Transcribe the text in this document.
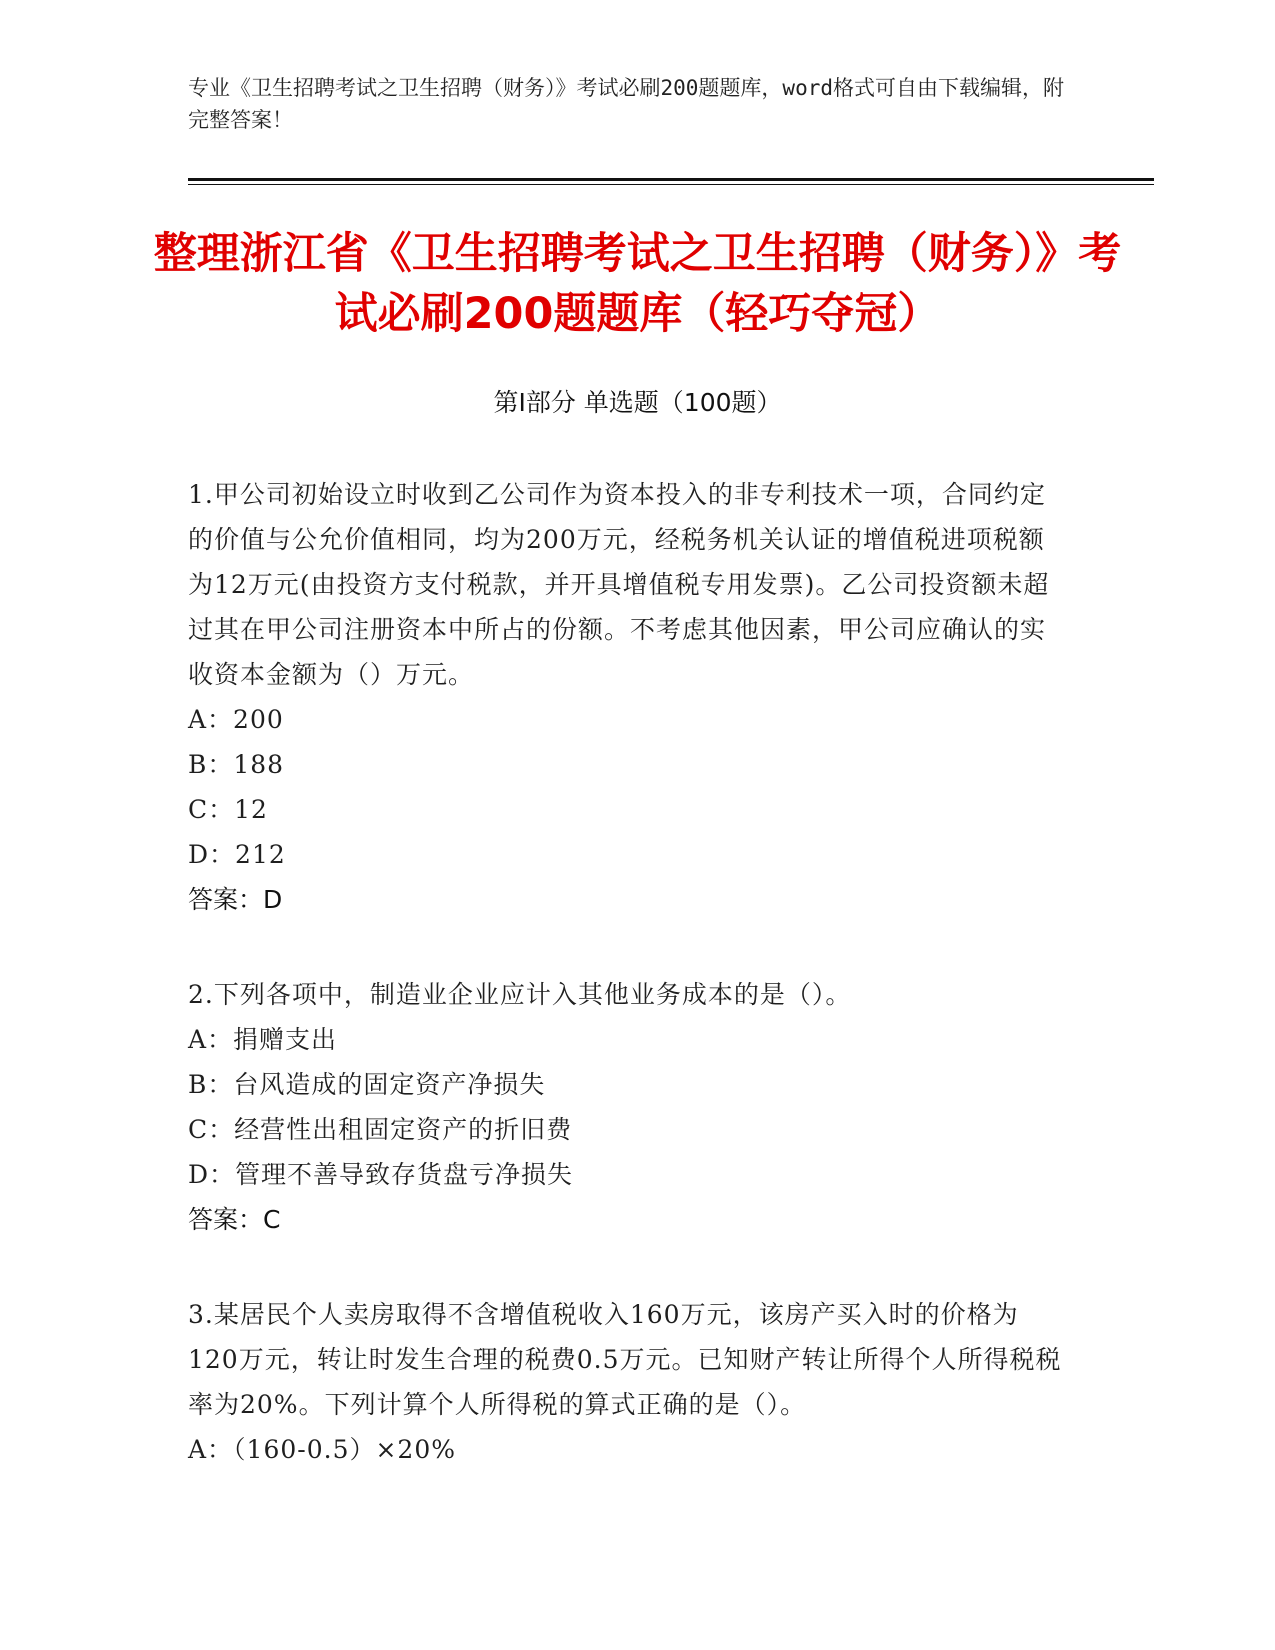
专业《卫生招聘考试之卫生招聘（财务）》考试必刷200题题库，word格式可自由下载编辑，附完整答案！
整理浙江省《卫生招聘考试之卫生招聘（财务）》考试必刷200题题库（轻巧夺冠）
第Ⅰ部分 单选题（100题）
1.甲公司初始设立时收到乙公司作为资本投入的非专利技术一项，合同约定的价值与公允价值相同，均为200万元，经税务机关认证的增值税进项税额为12万元(由投资方支付税款，并开具增值税专用发票)。乙公司投资额未超过其在甲公司注册资本中所占的份额。不考虑其他因素，甲公司应确认的实收资本金额为（）万元。
A：200
B：188
C：12
D：212
答案：D
2.下列各项中，制造业企业应计入其他业务成本的是（）。
A：捐赠支出
B：台风造成的固定资产净损失
C：经营性出租固定资产的折旧费
D：管理不善导致存货盘亏净损失
答案：C
3.某居民个人卖房取得不含增值税收入160万元，该房产买入时的价格为120万元，转让时发生合理的税费0.5万元。已知财产转让所得个人所得税税率为20%。下列计算个人所得税的算式正确的是（）。
A：（160-0.5）×20%
